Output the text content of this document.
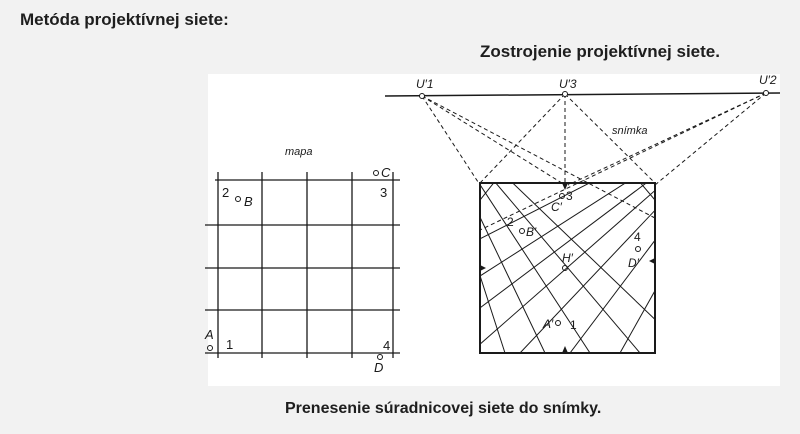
Metóda projektívnej siete:
Zostrojenie projektívnej siete.
mapa
2
B
C
3
A
1	4
D
U′1	U′3	U′2
snímka
3
C′
2
B′
H′
4
D′
A′ 1
Prenesenie súradnicovej siete do snímky.
